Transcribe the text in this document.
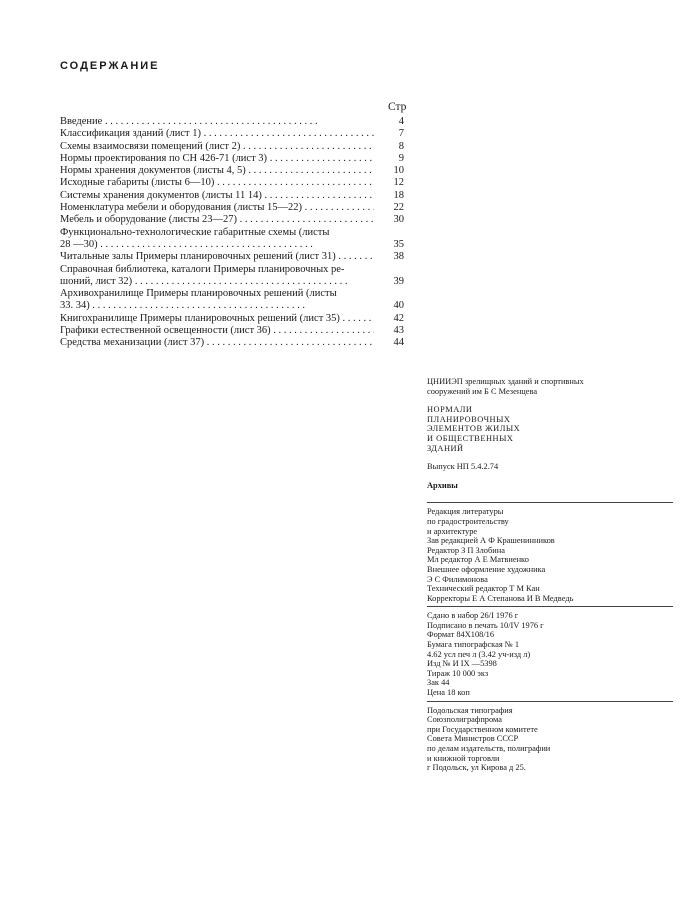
СОДЕРЖАНИЕ
Стр
Введение . .	4
Классификация зданий (лист 1) . .	7
Схемы взаимосвязи помещений (лист 2) . .	8
Нормы проектирования по СН 426-71 (лист 3) . .	9
Нормы хранения документов (листы 4, 5) . .	10
Исходные габариты (листы 6—10) . .	12
Системы хранения документов (листы 11 14) . .	18
Номенклатура мебели и оборудования (листы 15—22) . .	22
Мебель и оборудование (листы 23—27) . .	30
Функционально-технологические габаритные схемы (листы
28 —30) . .	35
Читальные залы Примеры планировочных решений (лист 31) . .	38
Справочная библиотека, каталоги Примеры планировочных ре-
шоний, лист 32) . .	39
Архивохранилище Примеры планировочных решений (листы
33. 34) . .	40
Книгохранилище Примеры планировочных решений (лист 35) . .	42
Графики естественной освещенности (лист 36) . .	43
Средства механизации (лист 37) . .	44
ЦНИИЭП зрелищных зданий и спортивных
сооружений им Б С Мезенцева
НОРМАЛИ
ПЛАНИРОВОЧНЫХ
ЭЛЕМЕНТОВ ЖИЛЫХ
И ОБЩЕСТВЕННЫХ
ЗДАНИЙ
Выпуск НП 5.4.2.74
Архивы
Редакция литературы
по градостроительству
и архитектуре
Зав редакцией А Ф Крашенинников
Редактор З П Злобина
Мл редактор А Е Матвиенко
Внешнее оформление художника
Э С Филимонова
Технический редактор Т М Кан
Корректоры Е А Степанова И В Медведь
Сдано в набор 26/I 1976 г
Подписано в печать 10/IV 1976 г
Формат 84X108/16
Бумага типографская № 1
4.62 усл печ л (3.42 уч-изд л)
Изд № И IX —5398
Тираж 10 000 экз
Зак 44
Цена 18 коп
Подольская типография
Союзполиграфпрома
при Государственном комитете
Совета Министров СССР
по делам издательств, полиграфии
и книжной торговли
г Подольск, ул Кирова д 25.
